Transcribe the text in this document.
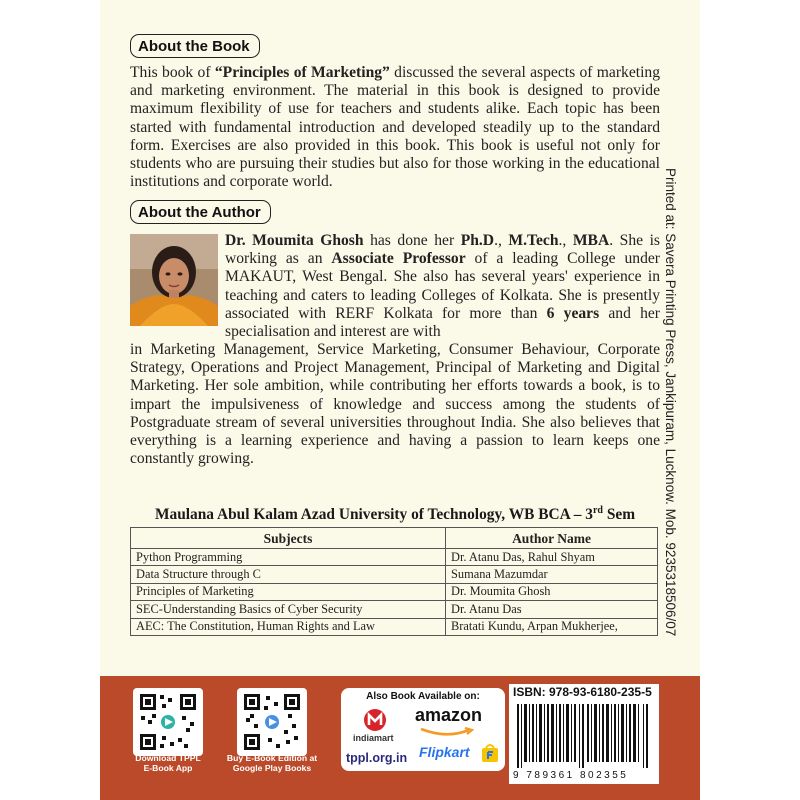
About the Book
This book of “Principles of Marketing” discussed the several aspects of marketing and marketing environment. The material in this book is designed to provide maximum flexibility of use for teachers and students alike. Each topic has been started with fundamental introduction and developed steadily up to the standard form. Exercises are also provided in this book. This book is useful not only for students who are pursuing their studies but also for those working in the educational institutions and corporate world.
About the Author
Dr. Moumita Ghosh has done her Ph.D., M.Tech., MBA. She is working as an Associate Professor of a leading College under MAKAUT, West Bengal. She also has several years' experience in teaching and caters to leading Colleges of Kolkata. She is presently associated with RERF Kolkata for more than 6 years and her specialisation and interest are with
in Marketing Management, Service Marketing, Consumer Behaviour, Corporate Strategy, Operations and Project Management, Principal of Marketing and Digital Marketing. Her sole ambition, while contributing her efforts towards a book, is to impart the impulsiveness of knowledge and success among the students of Postgraduate stream of several universities throughout India. She also believes that everything is a learning experience and having a passion to learn keeps one constantly growing.
Maulana Abul Kalam Azad University of Technology, WB BCA – 3rd Sem
Subjects	Author Name
Python Programming	Dr. Atanu Das, Rahul Shyam
Data Structure through C	Sumana Mazumdar
Principles of Marketing	Dr. Moumita Ghosh
SEC-Understanding Basics of Cyber Security	Dr. Atanu Das
AEC: The Constitution, Human Rights and Law	Bratati Kundu, Arpan Mukherjee,	Printed at: Savera Printing Press, Jankipuram, Lucknow. Mob. 9235318506/07
Download TPPL
E-Book App
Buy E-Book Edition at
Google Play Books
Also Book Available on:
indiamart
tppl.org.in
amazon
Flipkart
ISBN: 978-93-6180-235-5
9 789361 802355
